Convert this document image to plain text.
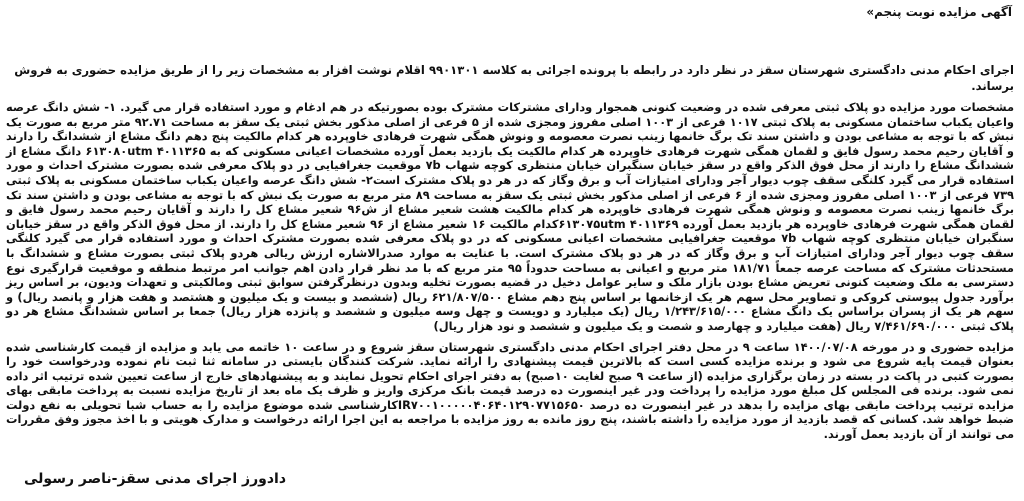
آگهی مزایده نوبت پنجم»

اجرای احکام مدنی دادگستری شهرستان سقز در نظر دارد در رابطه با پرونده اجرائی به کلاسه ۹۹۰۱۳۰۱ اقلام نوشت افزار به مشخصات زیر را از طریق مزایده حضوری به فروش برساند.

مشخصات مورد مزایده دو پلاک ثبتی معرفی شده در وضعیت کنونی همجوار ودارای مشترکات مشترک بوده بصورتیکه در هم ادغام و مورد استفاده قرار می گیرد. ۱- شش دانگ عرصه واعیان یکباب ساختمان مسکونی به پلاک ثبتی ۱۰۱۷ فرعی از ۱۰۰۳ اصلی مفروز ومجزی شده از ۵ فرعی از اصلی مذکور بخش ثبتی یک سقز به مساحت ۹۲.۷۱ متر مربع به صورت یک نبش که با توجه به مشاعی بودن و داشتن سند تک برگ خانمها زینب نصرت معصومه و ونوش همگی شهرت فرهادی خاوپرده هر کدام مالکیت پنج دهم دانگ مشاع از ششدانگ را دارند و آقایان رحیم محمد رسول فایق و لقمان همگی شهرت فرهادی خاوپرده هر کدام مالکیت یک بازدید بعمل آورده مشخصات اعیانی مسکونی که به ۴۰۱۱۳۶۵ ۶۱۳۰۸۰utm دانگ مشاع از ششدانگ مشاع را دارند از محل فوق الذکر واقع در سقز خیابان سنگبران خیابان منتظری کوچه شهاب ۷b موقعیت جغرافیایی در دو پلاک معرفی شده بصورت مشترک احداث و مورد استفاده قرار می گیرد کلنگی سقف چوب دیوار آجر ودارای امتیازات آب و برق وگاز که در هر دو پلاک مشترک است۲- شش دانگ عرصه واعیان یکباب ساختمان مسکونی به پلاک ثبتی ۷۳۹ فرعی از ۱۰۰۳ اصلی مفروز ومجزی شده از ۶ فرعی از اصلی مذکور بخش ثبتی یک سقز به مساحت ۸۹ متر مربع به صورت یک نبش که با توجه به مشاعی بودن و داشتن سند تک برگ خانمها زینب نصرت معصومه و ونوش همگی شهرت فرهادی خاوپرده هر کدام مالکیت هشت شعیر مشاع از ش۹۶ شعیر مشاع کل را دارند و آقایان رحیم محمد رسول فایق و لقمان همگی شهرت فرهادی خاوپرده هر بازدید بعمل آورده ۴۰۱۱۳۶۹ ۶۱۳۰۷۵utmکدام مالکیت ۱۶ شعیر مشاع از ۹۶ شعیر مشاع کل را دارند. از محل فوق الذکر واقع در سقز خیابان سنگبران خیابان منتظری کوچه شهاب ۷b موقعیت جغرافیایی مشخصات اعیانی مسکونی که در دو پلاک معرفی شده بصورت مشترک احداث و مورد استفاده قرار می گیرد کلنگی سقف چوب دیوار آجر ودارای امتیازات آب و برق وگاز که در هر دو پلاک مشترک است. با عنایت به موارد صدرالاشاره ارزش ریالی هردو پلاک ثبتی بصورت مشاع و ششدانگ با مستحدثات مشترک که مساحت عرصه جمعاً ۱۸۱/۷۱ متر مربع و اعیانی به مساحت حدوداً ۹۵ متر مربع که با مد نظر قرار دادن اهم جوانب امر مرتبط منطقه و موقعیت قرارگیری نوع دسترسی به ملک وضعیت کنونی تعریض مشاع بودن بازار ملک و سایر عوامل دخیل در قضیه بصورت تخلیه وبدون درنظرگرفتن سوابق ثبتی ومالکیتی و تعهدات ودیون، بر اساس ریز برآورد جدول پیوستی کروکی و تصاویر محل سهم هر یک ازخانمها بر اساس پنج دهم مشاع ۶۲۱/۸۰۷/۵۰۰ ریال (ششصد و بیست و یک میلیون و هشتصد و هفت هزار و پانصد ریال) و سهم هر یک از پسران براساس یک دانگ مشاع ۱/۲۴۳/۶۱۵/۰۰۰ ریال (یک میلیارد و دویست و چهل وسه میلیون و ششصد و پانزده هزار ریال) جمعا بر اساس ششدانگ مشاع هر دو پلاک ثبتی ۷/۴۶۱/۶۹۰/۰۰۰ ریال (هفت میلیارد و چهارصد و شصت و یک میلیون و ششصد و نود هزار ریال)

مزایده حضوری و در مورخه ۱۴۰۰/۰۷/۰۸ ساعت ۹ در محل دفتر اجرای احکام مدنی دادگستری شهرستان سقز شروع و در ساعت ۱۰ خاتمه می یابد و مزایده از قیمت کارشناسی شده بعنوان قیمت پایه شروع می شود و برنده مزایده کسی است که بالاترین قیمت پیشنهادی را ارائه نماید. شرکت کنندگان بایستی در سامانه ثنا ثبت نام نموده ودرخواست خود را بصورت کتبی در پاکت در بسته در زمان برگزاری مزایده (از ساعت ۹ صبح لغایت ۱۰صبح) به دفتر اجرای احکام تحویل نمایند و به پیشنهادهای خارج از ساعت تعیین شده ترتیب اثر داده نمی شود. برنده فی المجلس کل مبلغ مورد مزایده را پرداخت ودر غیر اینصورت ده درصد قیمت بانک مرکزی واریز و ظرف یک ماه بعد از تاریخ مزایده نسبت به پرداخت مابقی بهای مزایده ترتیب پرداخت مابقی بهای مزایده را بدهد در غیر اینصورت ده درصد IR۷۰۰۱۰۰۰۰۰۴۰۶۴۰۱۲۹۰۷۷۱۵۶۵۰کارشناسی شده موضوع مزایده را به حساب شبا تحویلی به نفع دولت ضبط خواهد شد. کسانی که قصد بازدید از مورد مزایده را داشته باشند، پنج روز مانده به روز مزایده با مراجعه به این اجرا ارائه درخواست و مدارک هویتی و با اخذ مجوز وفق مقررات می توانند از آن بازدید بعمل آورند.

دادورز اجرای مدنی سقز-ناصر رسولی
